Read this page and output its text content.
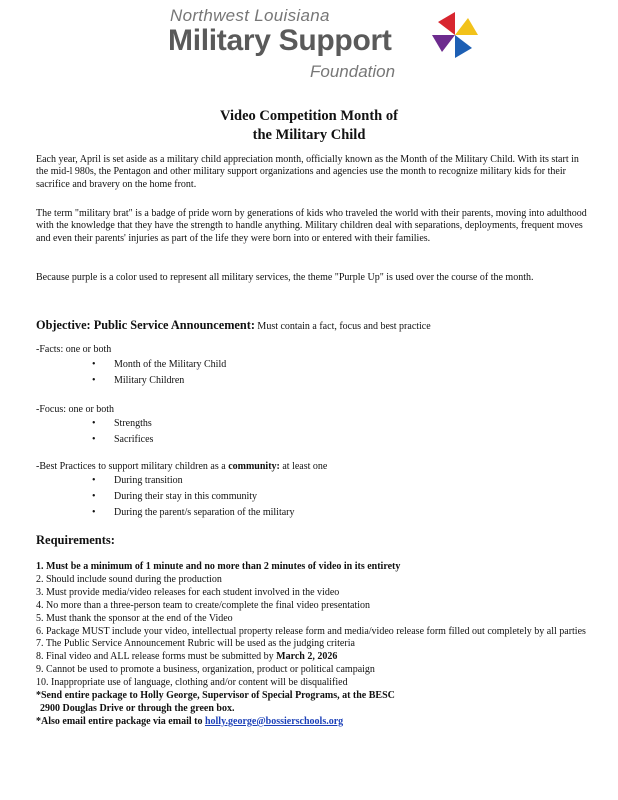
Northwest Louisiana
Military Support
Foundation
Video Competition Month of
the Military Child

Each year, April is set aside as a military child appreciation month, officially known as the Month of the Military Child. With its start in the mid-l 980s, the Pentagon and other military support organizations and agencies use the month to recognize military kids for their sacrifice and bravery on the home front.

The term "military brat" is a badge of pride worn by generations of kids who traveled the world with their parents, moving into adulthood with the knowledge that they have the strength to handle anything. Military children deal with separations, deployments, frequent moves and even their parents' injuries as part of the life they were born into or entered with their families.

Because purple is a color used to represent all military services, the theme "Purple Up" is used over the course of the month.

Objective: Public Service Announcement: Must contain a fact, focus and best practice
-Facts: one or both
• Month of the Military Child
• Military Children
-Focus: one or both
• Strengths
• Sacrifices
-Best Practices to support military children as a community: at least one
• During transition
• During their stay in this community
• During the parent/s separation of the military
Requirements:
1. Must be a minimum of 1 minute and no more than 2 minutes of video in its entirety
2. Should include sound during the production
3. Must provide media/video releases for each student involved in the video
4. No more than a three-person team to create/complete the final video presentation
5. Must thank the sponsor at the end of the Video
6. Package MUST include your video, intellectual property release form and media/video release form filled out completely by all parties
7. The Public Service Announcement Rubric will be used as the judging criteria
8. Final video and ALL release forms must be submitted by March 2, 2026
9. Cannot be used to promote a business, organization, product or political campaign
10. Inappropriate use of language, clothing and/or content will be disqualified
*Send entire package to Holly George, Supervisor of Special Programs, at the BESC
2900 Douglas Drive or through the green box.
*Also email entire package via email to holly.george@bossierschools.org
